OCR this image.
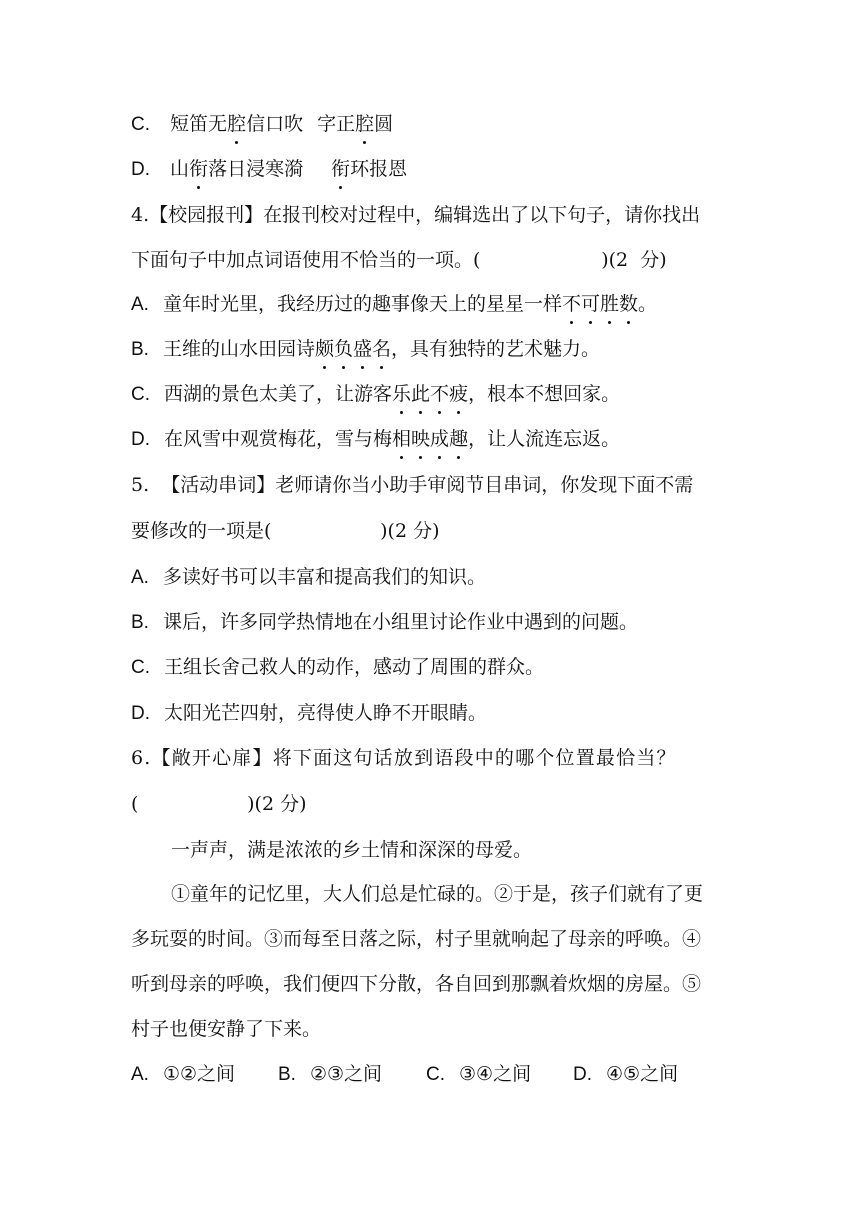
C. 短笛无腔信口吹 字正腔圆
D. 山衔落日浸寒漪 衔环报恩
4.【校园报刊】在报刊校对过程中，编辑选出了以下句子，请你找出
下面句子中加点词语使用不恰当的一项。(                    )(2  分)
A. 童年时光里，我经历过的趣事像天上的星星一样不可胜数。
B. 王维的山水田园诗颇负盛名，具有独特的艺术魅力。
C. 西湖的景色太美了，让游客乐此不疲，根本不想回家。
D. 在风雪中观赏梅花，雪与梅相映成趣，让人流连忘返。
5.  【活动串词】老师请你当小助手审阅节目串词，你发现下面不需
要修改的一项是(                  )(2 分)
A. 多读好书可以丰富和提高我们的知识。
B. 课后，许多同学热情地在小组里讨论作业中遇到的问题。
C. 王组长舍己救人的动作，感动了周围的群众。
D. 太阳光芒四射，亮得使人睁不开眼睛。
6.【敞开心扉】将下面这句话放到语段中的哪个位置最恰当？
(                  )(2 分)
一声声，满是浓浓的乡土情和深深的母爱。
①童年的记忆里，大人们总是忙碌的。②于是，孩子们就有了更
多玩耍的时间。③而每至日落之际，村子里就响起了母亲的呼唤。④
听到母亲的呼唤，我们便四下分散，各自回到那飘着炊烟的房屋。⑤
村子也便安静了下来。
A. ①②之间 B. ②③之间 C. ③④之间 D. ④⑤之间
